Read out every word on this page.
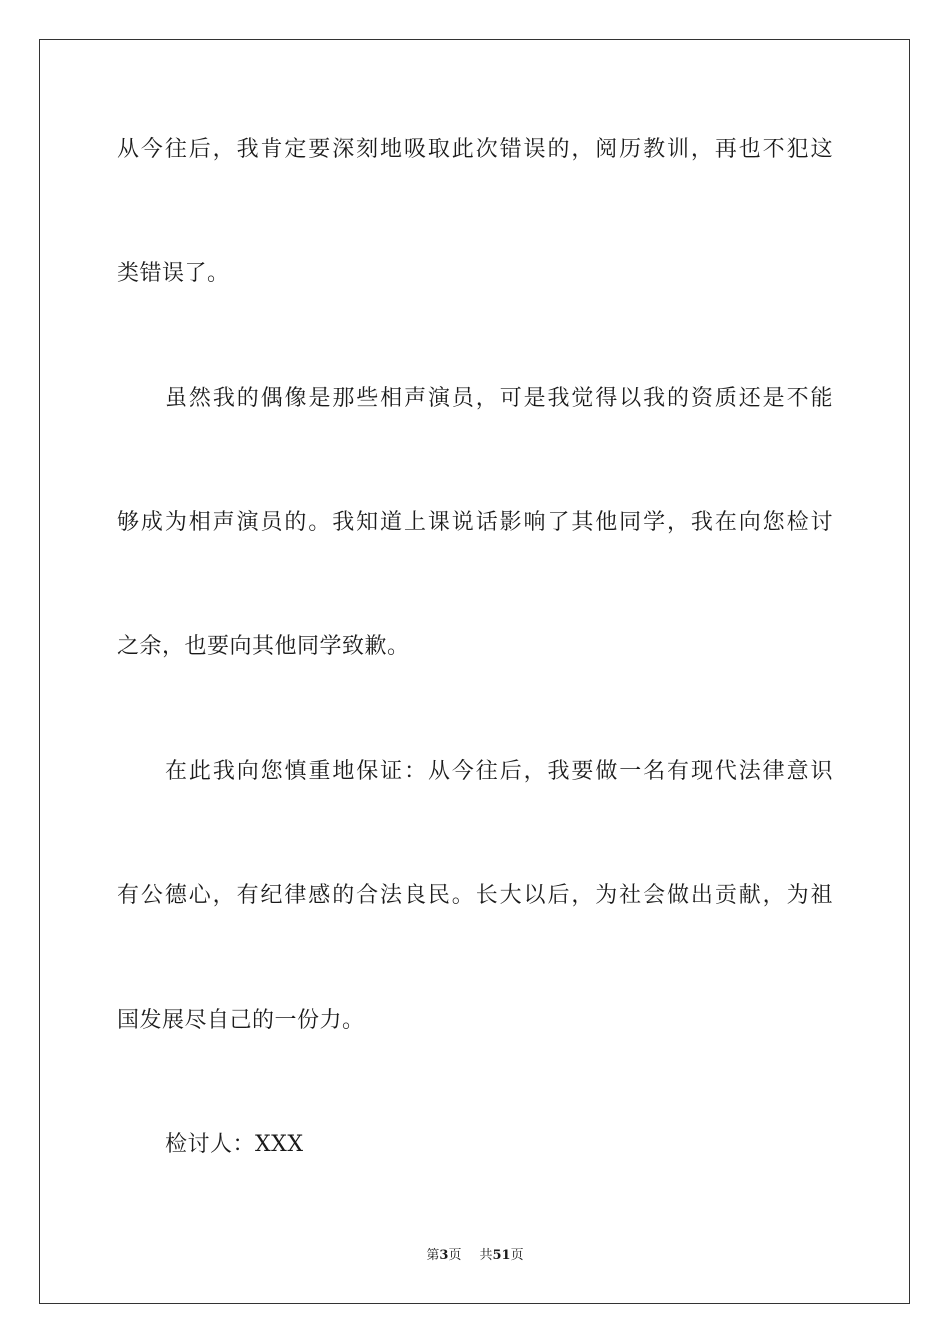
从今往后，我肯定要深刻地吸取此次错误的，阅历教训，再也不犯这
类错误了。
虽然我的偶像是那些相声演员，可是我觉得以我的资质还是不能
够成为相声演员的。我知道上课说话影响了其他同学，我在向您检讨
之余，也要向其他同学致歉。
在此我向您慎重地保证：从今往后，我要做一名有现代法律意识
有公德心，有纪律感的合法良民。长大以后，为社会做出贡献，为祖
国发展尽自己的一份力。
检讨人：XXX
第3页 共51页
